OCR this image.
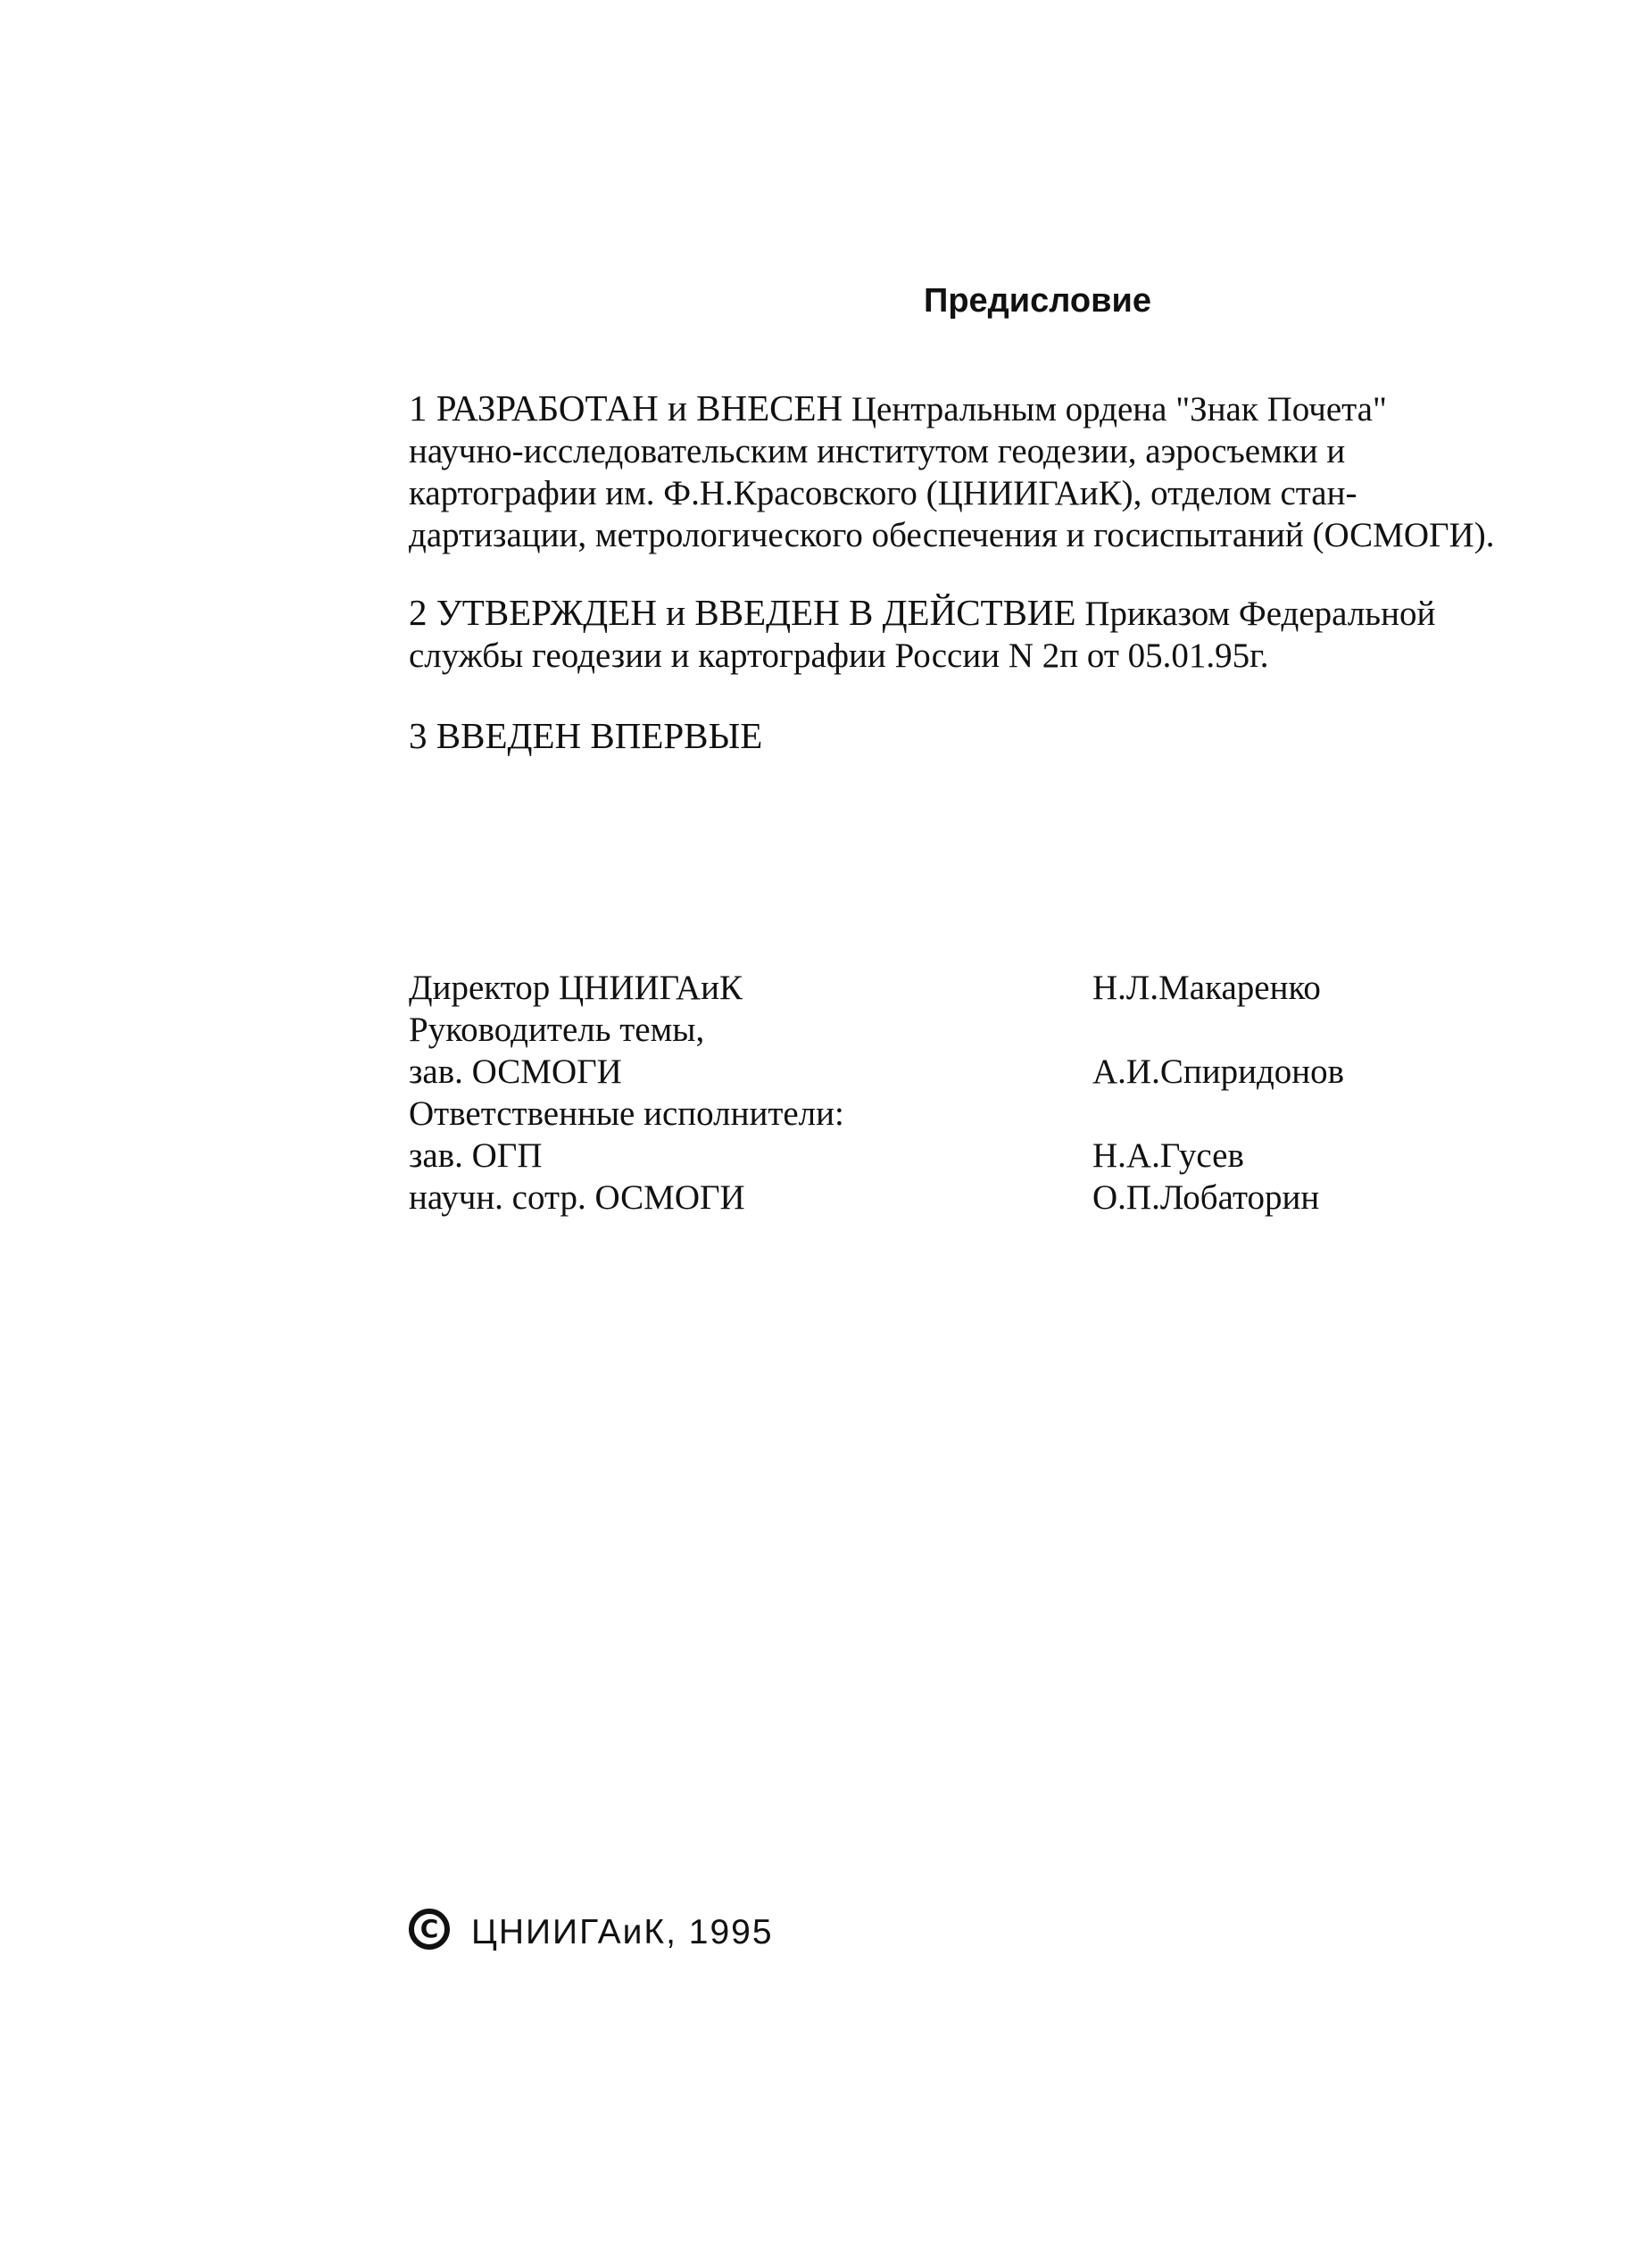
Предисловие
1 РАЗРАБОТАН и ВНЕСЕН Центральным ордена "Знак Почета"
научно-исследовательским институтом геодезии, аэросъемки и
картографии им. Ф.Н.Красовского (ЦНИИГАиК), отделом стан-
дартизации, метрологического обеспечения и госиспытаний (ОСМОГИ).
2 УТВЕРЖДЕН и ВВЕДЕН В ДЕЙСТВИЕ Приказом Федеральной
службы геодезии и картографии России N 2п от 05.01.95г.
3 ВВЕДЕН ВПЕРВЫЕ
Директор ЦНИИГАиК	Н.Л.Макаренко
Руководитель темы,
зав. ОСМОГИ	А.И.Спиридонов
Ответственные исполнители:
зав. ОГП	Н.А.Гусев
научн. сотр. ОСМОГИ	О.П.Лобаторин
C ЦНИИГАиК, 1995
